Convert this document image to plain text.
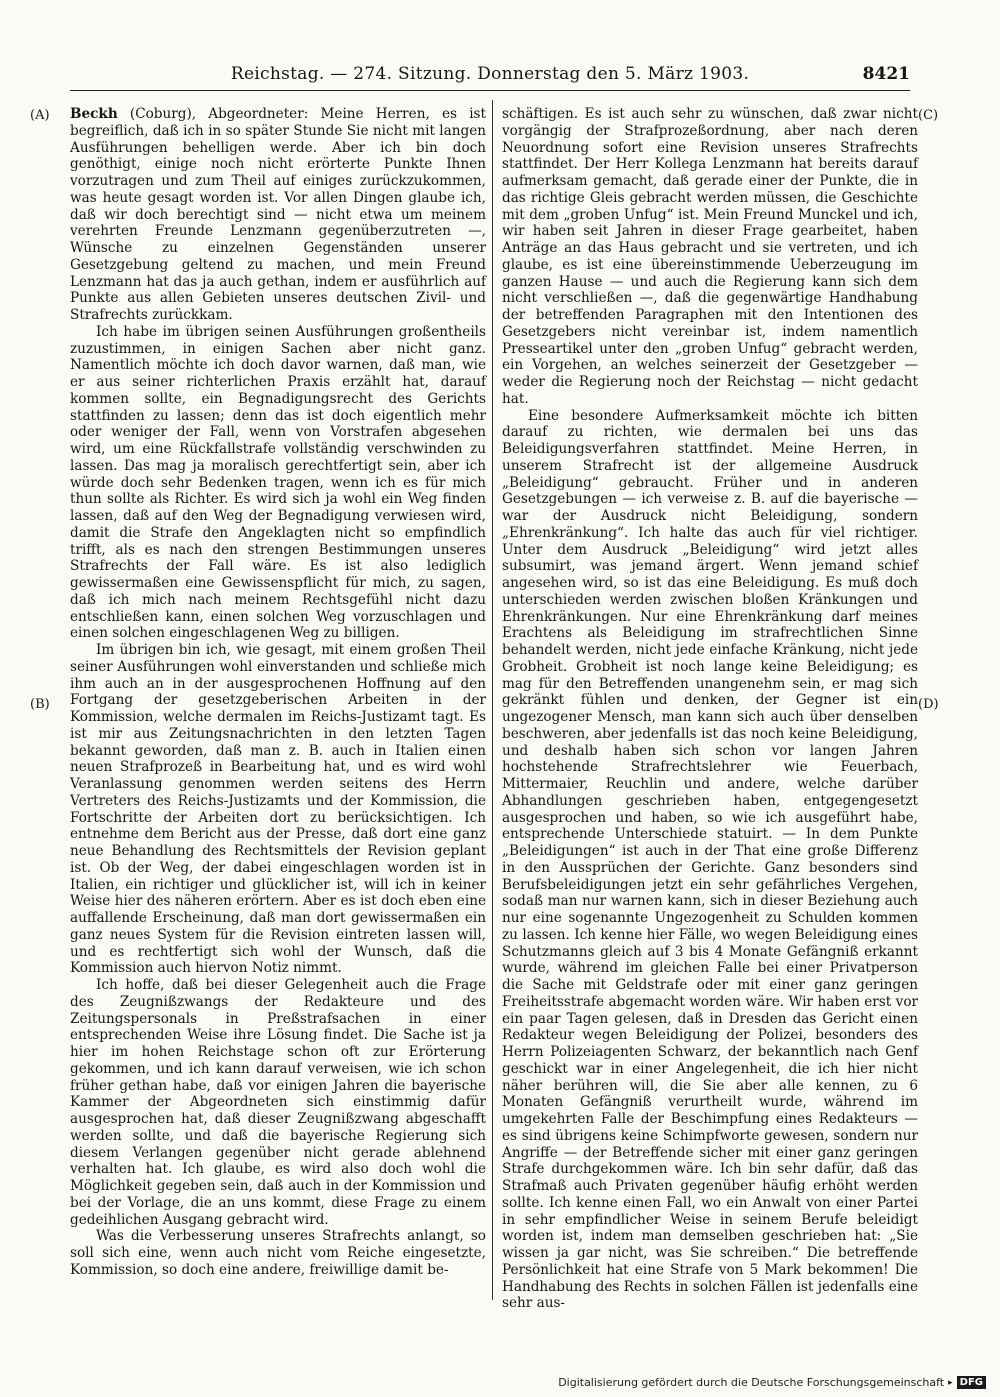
Reichstag. — 274. Sitzung. Donnerstag den 5. März 1903.	8421
(A)
(B)
(C)
(D)

Beckh (Coburg), Abgeordneter: Meine Herren, es ist begreiflich, daß ich in so später Stunde Sie nicht mit langen Ausführungen behelligen werde. Aber ich bin doch genöthigt, einige noch nicht erörterte Punkte Ihnen vorzutragen und zum Theil auf einiges zurückzukommen, was heute gesagt worden ist. Vor allen Dingen glaube ich, daß wir doch berechtigt sind — nicht etwa um meinem verehrten Freunde Lenzmann gegenüberzutreten —, Wünsche zu einzelnen Gegenständen unserer Gesetzgebung geltend zu machen, und mein Freund Lenzmann hat das ja auch gethan, indem er ausführlich auf Punkte aus allen Gebieten unseres deutschen Zivil- und Strafrechts zurückkam.

Ich habe im übrigen seinen Ausführungen großentheils zuzustimmen, in einigen Sachen aber nicht ganz. Namentlich möchte ich doch davor warnen, daß man, wie er aus seiner richterlichen Praxis erzählt hat, darauf kommen sollte, ein Begnadigungsrecht des Gerichts stattfinden zu lassen; denn das ist doch eigentlich mehr oder weniger der Fall, wenn von Vorstrafen abgesehen wird, um eine Rückfallstrafe vollständig verschwinden zu lassen. Das mag ja moralisch gerechtfertigt sein, aber ich würde doch sehr Bedenken tragen, wenn ich es für mich thun sollte als Richter. Es wird sich ja wohl ein Weg finden lassen, daß auf den Weg der Begnadigung verwiesen wird, damit die Strafe den Angeklagten nicht so empfindlich trifft, als es nach den strengen Bestimmungen unseres Strafrechts der Fall wäre. Es ist also lediglich gewissermaßen eine Gewissenspflicht für mich, zu sagen, daß ich mich nach meinem Rechtsgefühl nicht dazu entschließen kann, einen solchen Weg vorzuschlagen und einen solchen eingeschlagenen Weg zu billigen.

Im übrigen bin ich, wie gesagt, mit einem großen Theil seiner Ausführungen wohl einverstanden und schließe mich ihm auch an in der ausgesprochenen Hoffnung auf den Fortgang der gesetzgeberischen Arbeiten in der Kommission, welche dermalen im Reichs-Justizamt tagt. Es ist mir aus Zeitungsnachrichten in den letzten Tagen bekannt geworden, daß man z. B. auch in Italien einen neuen Strafprozeß in Bearbeitung hat, und es wird wohl Veranlassung genommen werden seitens des Herrn Vertreters des Reichs-Justizamts und der Kommission, die Fortschritte der Arbeiten dort zu berücksichtigen. Ich entnehme dem Bericht aus der Presse, daß dort eine ganz neue Behandlung des Rechtsmittels der Revision geplant ist. Ob der Weg, der dabei eingeschlagen worden ist in Italien, ein richtiger und glücklicher ist, will ich in keiner Weise hier des näheren erörtern. Aber es ist doch eben eine auffallende Erscheinung, daß man dort gewissermaßen ein ganz neues System für die Revision eintreten lassen will, und es rechtfertigt sich wohl der Wunsch, daß die Kommission auch hiervon Notiz nimmt.

Ich hoffe, daß bei dieser Gelegenheit auch die Frage des Zeugnißzwangs der Redakteure und des Zeitungspersonals in Preßstrafsachen in einer entsprechenden Weise ihre Lösung findet. Die Sache ist ja hier im hohen Reichstage schon oft zur Erörterung gekommen, und ich kann darauf verweisen, wie ich schon früher gethan habe, daß vor einigen Jahren die bayerische Kammer der Abgeordneten sich einstimmig dafür ausgesprochen hat, daß dieser Zeugnißzwang abgeschafft werden sollte, und daß die bayerische Regierung sich diesem Verlangen gegenüber nicht gerade ablehnend verhalten hat. Ich glaube, es wird also doch wohl die Möglichkeit gegeben sein, daß auch in der Kommission und bei der Vorlage, die an uns kommt, diese Frage zu einem gedeihlichen Ausgang gebracht wird.

Was die Verbesserung unseres Strafrechts anlangt, so soll sich eine, wenn auch nicht vom Reiche eingesetzte, Kommission, so doch eine andere, freiwillige damit be-

schäftigen. Es ist auch sehr zu wünschen, daß zwar nicht vorgängig der Strafprozeßordnung, aber nach deren Neuordnung sofort eine Revision unseres Strafrechts stattfindet. Der Herr Kollega Lenzmann hat bereits darauf aufmerksam gemacht, daß gerade einer der Punkte, die in das richtige Gleis gebracht werden müssen, die Geschichte mit dem „groben Unfug“ ist. Mein Freund Munckel und ich, wir haben seit Jahren in dieser Frage gearbeitet, haben Anträge an das Haus gebracht und sie vertreten, und ich glaube, es ist eine übereinstimmende Ueberzeugung im ganzen Hause — und auch die Regierung kann sich dem nicht verschließen —, daß die gegenwärtige Handhabung der betreffenden Paragraphen mit den Intentionen des Gesetzgebers nicht vereinbar ist, indem namentlich Presseartikel unter den „groben Unfug“ gebracht werden, ein Vorgehen, an welches seinerzeit der Gesetzgeber — weder die Regierung noch der Reichstag — nicht gedacht hat.

Eine besondere Aufmerksamkeit möchte ich bitten darauf zu richten, wie dermalen bei uns das Beleidigungsverfahren stattfindet. Meine Herren, in unserem Strafrecht ist der allgemeine Ausdruck „Beleidigung“ gebraucht. Früher und in anderen Gesetzgebungen — ich verweise z. B. auf die bayerische — war der Ausdruck nicht Beleidigung, sondern „Ehrenkränkung“. Ich halte das auch für viel richtiger. Unter dem Ausdruck „Beleidigung“ wird jetzt alles subsumirt, was jemand ärgert. Wenn jemand schief angesehen wird, so ist das eine Beleidigung. Es muß doch unterschieden werden zwischen bloßen Kränkungen und Ehrenkränkungen. Nur eine Ehrenkränkung darf meines Erachtens als Beleidigung im strafrechtlichen Sinne behandelt werden, nicht jede einfache Kränkung, nicht jede Grobheit. Grobheit ist noch lange keine Beleidigung; es mag für den Betreffenden unangenehm sein, er mag sich gekränkt fühlen und denken, der Gegner ist ein ungezogener Mensch, man kann sich auch über denselben beschweren, aber jedenfalls ist das noch keine Beleidigung, und deshalb haben sich schon vor langen Jahren hochstehende Strafrechtslehrer wie Feuerbach, Mittermaier, Reuchlin und andere, welche darüber Abhandlungen geschrieben haben, entgegengesetzt ausgesprochen und haben, so wie ich ausgeführt habe, entsprechende Unterschiede statuirt. — In dem Punkte „Beleidigungen“ ist auch in der That eine große Differenz in den Aussprüchen der Gerichte. Ganz besonders sind Berufsbeleidigungen jetzt ein sehr gefährliches Vergehen, sodaß man nur warnen kann, sich in dieser Beziehung auch nur eine sogenannte Ungezogenheit zu Schulden kommen zu lassen. Ich kenne hier Fälle, wo wegen Beleidigung eines Schutzmanns gleich auf 3 bis 4 Monate Gefängniß erkannt wurde, während im gleichen Falle bei einer Privatperson die Sache mit Geldstrafe oder mit einer ganz geringen Freiheitsstrafe abgemacht worden wäre. Wir haben erst vor ein paar Tagen gelesen, daß in Dresden das Gericht einen Redakteur wegen Beleidigung der Polizei, besonders des Herrn Polizeiagenten Schwarz, der bekanntlich nach Genf geschickt war in einer Angelegenheit, die ich hier nicht näher berühren will, die Sie aber alle kennen, zu 6 Monaten Gefängniß verurtheilt wurde, während im umgekehrten Falle der Beschimpfung eines Redakteurs — es sind übrigens keine Schimpfworte gewesen, sondern nur Angriffe — der Betreffende sicher mit einer ganz geringen Strafe durchgekommen wäre. Ich bin sehr dafür, daß das Strafmaß auch Privaten gegenüber häufig erhöht werden sollte. Ich kenne einen Fall, wo ein Anwalt von einer Partei in sehr empfindlicher Weise in seinem Berufe beleidigt worden ist, indem man demselben geschrieben hat: „Sie wissen ja gar nicht, was Sie schreiben.“ Die betreffende Persönlichkeit hat eine Strafe von 5 Mark bekommen! Die Handhabung des Rechts in solchen Fällen ist jedenfalls eine sehr aus-

Digitalisierung gefördert durch die Deutsche Forschungsgemeinschaft ▸ DFG
